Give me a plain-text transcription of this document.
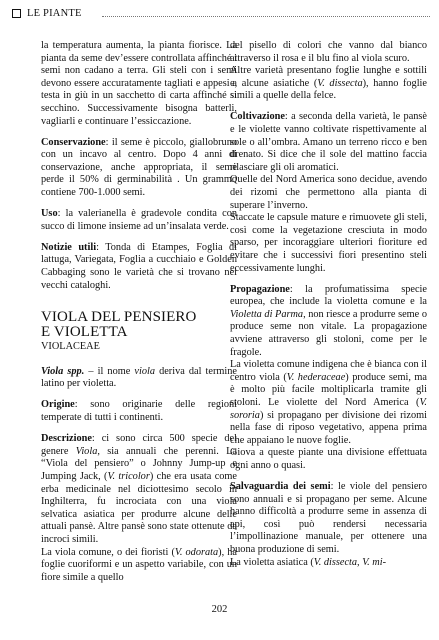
LE PIANTE

la temperatura aumenta, la pianta fiorisce. La pianta da seme dev’essere controllata affinché i semi non cadano a terra. Gli steli con i semi devono essere accuratamente tagliati e appesi a testa in giù in un sacchetto di carta affinché si secchino. Successivamente bisogna batterli, vagliarli e continuare l’essiccazione.

Conservazione: il seme è piccolo, giallobruno con un incavo al centro. Dopo 4 anni di conservazione, anche appropriata, il seme perde il 50% di germinabilità . Un grammo contiene 700-1.000 semi.

Uso: la valerianella è gradevole condita con succo di limone insieme ad un’insalata verde.

Notizie utili: Tonda di Etampes, Foglia di lattuga, Variegata, Foglia a cucchiaio e Golden Cabbaging sono le varietà che si trovano nei vecchi cataloghi.

VIOLA DEL PENSIERO
E VIOLETTA
VIOLACEAE

Viola spp. – il nome viola deriva dal termine latino per violetta.

Origine: sono originarie delle regioni temperate di tutti i continenti.

Descrizione: ci sono circa 500 specie del genere Viola, sia annuali che perenni. La “Viola del pensiero” o Johnny Jump-up e Jumping Jack, (V. tricolor) che era usata come erba medicinale nel diciottesimo secolo in Inghilterra, fu incrociata con una viola selvatica asiatica per produrre alcune delle attuali pansè. Altre pansè sono state ottenute da incroci simili.

La viola comune, o dei fioristi (V. odorata), ha foglie cuoriformi e un aspetto variabile, con un fiore simile a quello

del pisello di colori che vanno dal bianco attraverso il rosa e il blu fino al viola scuro.

Altre varietà presentano foglie lunghe e sottili e, alcune asiatiche (V. dissecta), hanno foglie simili a quelle della felce.

Coltivazione: a seconda della varietà, le pansè e le violette vanno coltivate rispettivamente al sole o all’ombra. Amano un terreno ricco e ben drenato. Si dice che il sole del mattino faccia rilasciare gli oli aromatici.

Quelle del Nord America sono decidue, avendo dei rizomi che permettono alla pianta di superare l’inverno.

Staccate le capsule mature e rimuovete gli steli, così come la vegetazione cresciuta in modo sparso, per incoraggiare ulteriori fioriture ed evitare che i successivi fiori presentino steli eccessivamente lunghi.

Propagazione: la profumatissima specie europea, che include la violetta comune e la Violetta di Parma, non riesce a produrre seme o produce seme non vitale. La propagazione avviene attraverso gli stoloni, come per le fragole.

La violetta comune indigena che è bianca con il centro viola (V. hederaceae) produce semi, ma è molto più facile moltiplicarla tramite gli stoloni. Le violette del Nord America (V. sororia) si propagano per divisione dei rizomi nella fase di riposo vegetativo, appena prima che appaiano le nuove foglie.

Giova a queste piante una divisione effettuata ogni anno o quasi.

Salvaguardia dei semi: le viole del pensiero sono annuali e si propagano per seme. Alcune hanno difficoltà a produrre seme in assenza di api, così può rendersi necessaria l’impollinazione manuale, per ottenere una buona produzione di semi.

La violetta asiatica (V. dissecta, V. mi-

202
